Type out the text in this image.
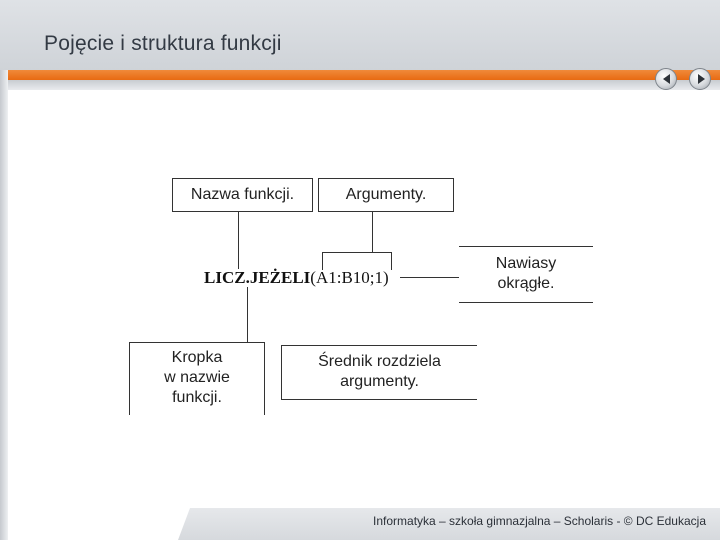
Pojęcie i struktura funkcji
Nazwa funkcji.	Argumenty.
Nawiasy
okrągłe.
Kropka
w nazwie
funkcji.
Średnik rozdziela
argumenty.
LICZ.JEŻELI(A1:B10;1)
Informatyka – szkoła gimnazjalna – Scholaris - © DC Edukacja
